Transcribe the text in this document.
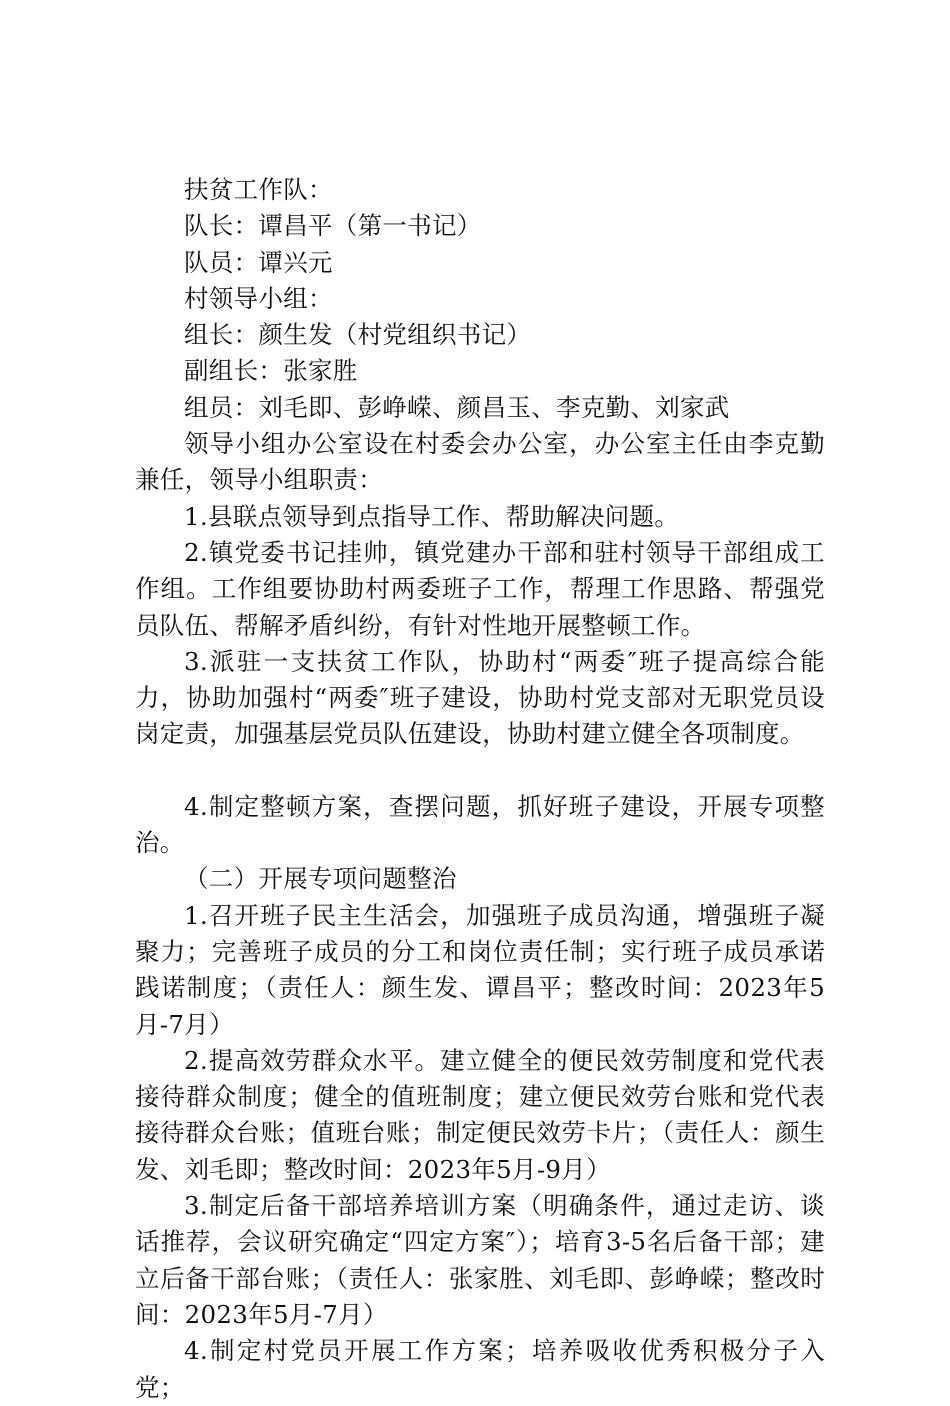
扶贫工作队：

队长：谭昌平（第一书记）

队员：谭兴元

村领导小组：

组长：颜生发（村党组织书记）

副组长：张家胜

组员：刘毛即、彭峥嵘、颜昌玉、李克勤、刘家武

领导小组办公室设在村委会办公室，办公室主任由李克勤兼任，领导小组职责：

1.县联点领导到点指导工作、帮助解决问题。

2.镇党委书记挂帅，镇党建办干部和驻村领导干部组成工作组。工作组要协助村两委班子工作，帮理工作思路、帮强党员队伍、帮解矛盾纠纷，有针对性地开展整顿工作。

3.派驻一支扶贫工作队，协助村“两委″班子提高综合能力，协助加强村“两委″班子建设，协助村党支部对无职党员设岗定责，加强基层党员队伍建设，协助村建立健全各项制度。

4.制定整顿方案，查摆问题，抓好班子建设，开展专项整治。

（二）开展专项问题整治

1.召开班子民主生活会，加强班子成员沟通，增强班子凝聚力；完善班子成员的分工和岗位责任制；实行班子成员承诺践诺制度；（责任人：颜生发、谭昌平；整改时间：2023年5月-7月）

2.提高效劳群众水平。建立健全的便民效劳制度和党代表接待群众制度；健全的值班制度；建立便民效劳台账和党代表接待群众台账；值班台账；制定便民效劳卡片；（责任人：颜生发、刘毛即；整改时间：2023年5月-9月）

3.制定后备干部培养培训方案（明确条件，通过走访、谈话推荐，会议研究确定“四定方案″）；培育3-5名后备干部；建立后备干部台账；（责任人：张家胜、刘毛即、彭峥嵘；整改时间：2023年5月-7月）

4.制定村党员开展工作方案；培养吸收优秀积极分子入党；
